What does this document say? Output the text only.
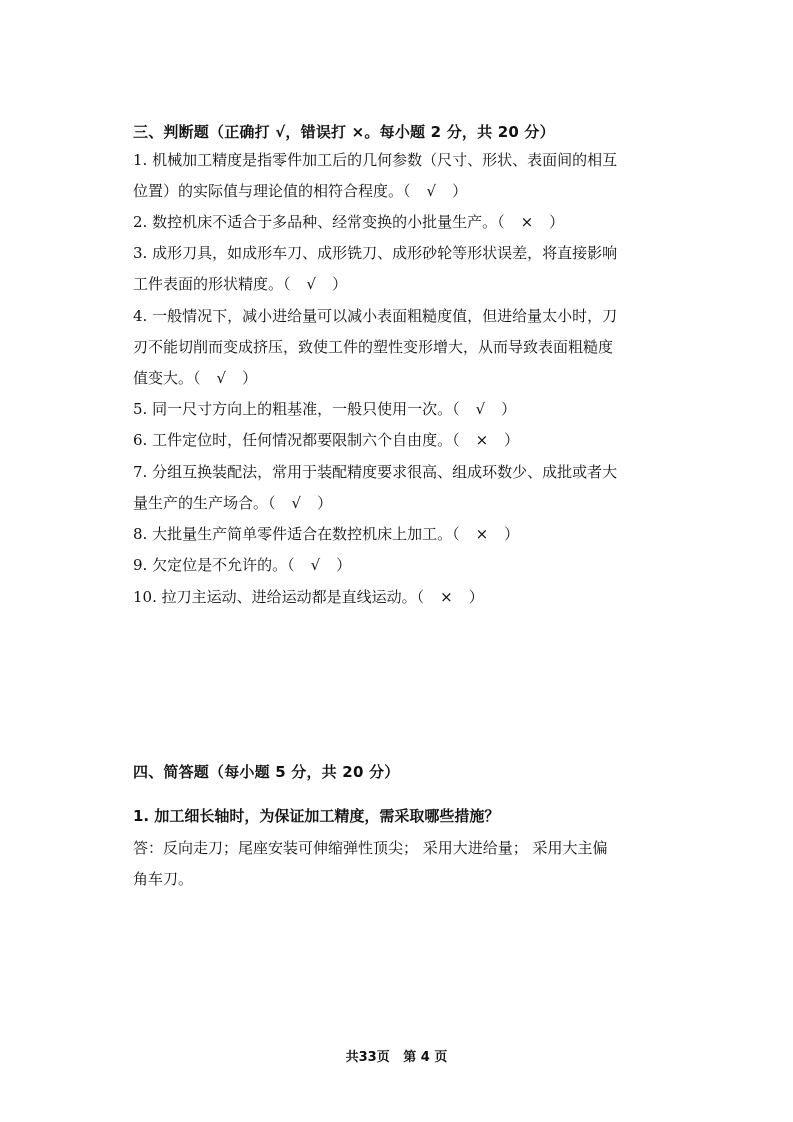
三、判断题（正确打 √，错误打 ×。每小题 2 分，共 20 分）
1. 机械加工精度是指零件加工后的几何参数（尺寸、形状、表面间的相互
位置）的实际值与理论值的相符合程度。（ √ ）
2. 数控机床不适合于多品种、经常变换的小批量生产。（ × ）
3. 成形刀具，如成形车刀、成形铣刀、成形砂轮等形状误差，将直接影响
工件表面的形状精度。（ √ ）
4. 一般情况下，减小进给量可以减小表面粗糙度值，但进给量太小时，刀
刃不能切削而变成挤压，致使工件的塑性变形增大，从而导致表面粗糙度
值变大。（ √ ）
5. 同一尺寸方向上的粗基准，一般只使用一次。（ √ ）
6. 工件定位时，任何情况都要限制六个自由度。（ × ）
7. 分组互换装配法，常用于装配精度要求很高、组成环数少、成批或者大
量生产的生产场合。（ √ ）
8. 大批量生产简单零件适合在数控机床上加工。（ × ）
9. 欠定位是不允许的。（ √ ）
10. 拉刀主运动、进给运动都是直线运动。（ × ）
四、简答题（每小题 5 分，共 20 分）
1. 加工细长轴时，为保证加工精度，需采取哪些措施？
答：反向走刀；尾座安装可伸缩弹性顶尖； 采用大进给量； 采用大主偏
角车刀。
共33页   第 4 页
